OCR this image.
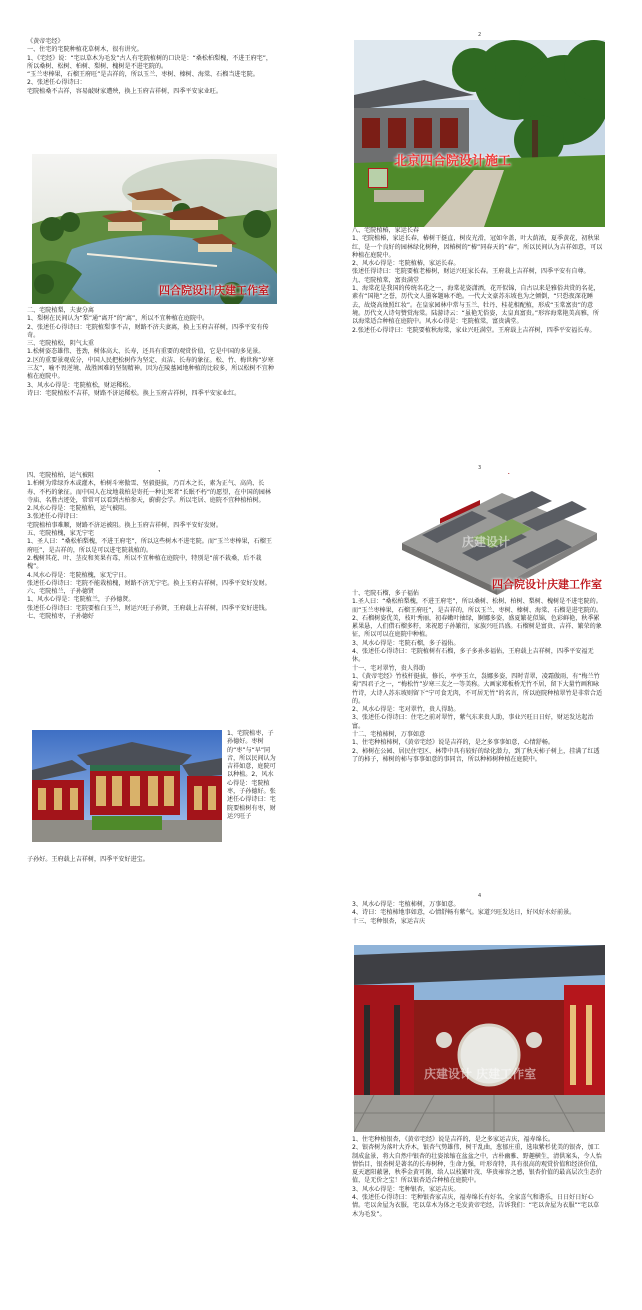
《黄帝宅经》

一、住宅的宅院种植花草树木，很有讲究。

1、《宅经》说：“宅以草木为毛发”古人有宅院植树的口诀是：“桑松柏梨槐，不进王府宅”，所以桑树、松树、柏树、梨树、槐树是不进宅院的。

“玉兰枣棒果，石榴王府旺”是吉祥的，所以玉兰、枣树、榛树、海棠、石榴当进宅院。

2、张述任心得诗曰：

宅院植桑不吉祥，容易敲财家遭殃，换上玉府吉祥树，四季平安家业旺。

四合院设计庆建工作室

二、宅院植梨，夫妻分离

1、梨树在民间认为“梨”通“离开”的“离”，所以不宜种植在庭院中。

2、张述任心得诗曰：宅院植梨事不吉，财路不济夫妻离，换上玉府吉祥树，四季平安有传奇。

三、宅院植松，阴气太重

1.松树姿态雄伟、苍劲，树体高大、长寿，还具有重要的观赏价值，它是中国的多见景。

2.区的重要景观成分，中国人民把松树作为坚定、贞洁、长寿的象征。松、竹、梅世称“岁寒三友”，喻不畏逆境、战胜困难的坚韧精神。因为在陵墓园地种植的比较多，所以松树不宜种植在庭院中。

3、风水心得是：宅院植松，财运稀松。

诗曰：宅院植松不吉祥，财路不济运稀松。换上玉府吉祥树，四季平安家业红。

四、宅院植柏，运气被阻

1.柏树为常绿乔木或灌木，柏树斗寒傲雪、坚毅挺拔，乃百木之长，素为正气、高尚、长寿、不朽的象征。而中国人在坟地栽柏是寄托一种让死者“长眠不朽”的愿望，在中国的园林寺庙、名胜古迹处，常常可以看到古柏参天，蔚蔚会学。所以宅居、庭院不宜种植柏树。

2.风水心得是：宅院植柏，运气被阻。

3.张述任心得诗曰：

宅院植柏事难顺，财路不济运被阻。换上玉府吉祥树，四季平安好发财。

五、宅院植槐，家无宁宅

1、圣人曰：“桑松柏梨槐，不进王府宅”，所以这些树木不进宅院。而“玉兰枣棒果，石榴王府旺”，是吉祥的，所以是可以进宅院栽植的。

2.槐树其花、叶、茎皮和荚果有毒，所以不宜种植在庭院中，特别是“前不栽桑，后不栽槐”。

4.风水心得是：宅院植槐，家无宁日。

张述任心得诗曰：宅院不能栽植槐，财路不济无宁宅。换上玉府吉祥树，四季平安好发财。

六、宅院植兰，子孙德贤

1、风水心得是：宅院植兰，子孙德贤。

张述任心得诗曰：宅院要植白玉兰，财运兴旺子孙贤，王府载上吉祥树，四季平安好进钱。

七、宅院植枣，子孙德好

1、宅院植枣，子孙德好。枣树的“枣”与“早”同音，所以民间认为吉祥如意，庭院可以种植。2、风水心得是：宅院植枣，子孙德好。张述任心得诗曰：宅院要植树有枣，财运兴旺子

子孙好。王府载上吉祥树，四季平安好进宝。

2
北京四合院设计施工

八、宅院植椿，家运长春

1、宅院植椿，家运长春，椿树干挺直，树皮光滑，冠如伞盖，叶大荫浓，夏季黄花，初秋果红，是一个良好的园林绿化树种，因椿树的“椿”同春天的“春”，所以民间认为吉祥如意，可以种植在庭院中。

2、风水心得是：宅院植椿，家运长春。

张述任得诗曰：宅院要植老椿树，财运兴旺家长春。王府栽上吉祥树，四季平安有自尊。

九、宅院植棠，富贵满堂

1、海棠花是我国的传统名花之一，海棠花姿潇洒，花开似锦，自古以来是雅俗共赏的名花，素有“国艳”之誉，历代文人墨客题咏不绝。一代大文豪苏东坡也为之倾倒，“只恐夜深花睡去，故烧高烛照红妆”。在皇家园林中常与玉兰、牡丹、桂花相配植，形成“玉棠富贵”的意境。历代文人诗句赞赏海棠。陆游诗云：“虽艳无俗姿，太皇真富贵。”形容海棠艳美高雅，所以海棠适合种植在庭院中。风水心得是：宅院植棠，富贵满堂。

2.张述任心得诗曰：宅院要植秋海棠，家业兴旺满堂。王府载上吉祥树，四季平安福长寿。

3
庆建设计
四合院设计庆建工作室

十、宅院石榴，多子福佑

1.圣人曰：“桑松柏梨槐，不进王府宅”，所以桑树、松树、柏树、梨树、槐树是不进宅院的。而“玉兰枣棒果，石榴王府旺”，是吉祥的，所以玉兰、枣树、榛树、海棠、石榴是进宅院的。

2、石榴树姿优美，枝叶秀丽，初春嫩叶抽绿，婀娜多姿，盛夏繁花似锦，色彩鲜艳，秋季累累果悬，人们借石榴多籽，来祝愿子孙繁衍，家族兴旺昌盛。石榴树是富贵、吉祥、繁荣的象征，所以可以在庭院中种植。

3、风水心得是：宅院石榴，多子福佑。

4、张述任心得诗曰：宅院植树有石榴，多子多孙多福佑，王府载上吉祥树，四季平安福无休。

十一、宅对翠竹，贵人得助

1、《黄帝宅经》竹枝杆挺拔，修长，亭亭玉立，袅娜多姿，四时青翠，凌霜傲雨，有“梅兰竹菊”四君子之一，“梅松竹”岁寒三友之一等美称。大画家郑板桥无竹不居，留下大量竹画和咏竹诗，大诗人苏东坡则留下“宁可食无肉，不可居无竹”的名言，所以庭院种植翠竹是非常合适的。

2、风水心得是：宅对翠竹，贵人得助。

3、张述任心得诗曰：住宅之前对翠竹，紫气东来贵人助，事业兴旺日日好，财运发达起治富。

十二、宅植柿树，万事如意

1、住宅种植柿树，《黄帝宅经》说是吉祥的，是之多事事如意，心情舒畅。

2、柿树在公园、居民住宅区、林带中具有较好的绿化潜力，到了秋天柿子树上，挂满了红透了的柿子，柿树的柿与事事如意的事同音，所以种柿树种植在庭院中。

4

3、风水心得是：宅植柿树，万事如意。

4、诗曰：宅植柿地事如意，心情舒畅有紫气。家道兴旺发达日，好风好水好前景。

十三、宅种银杏，家运吉庆

庆建设计 庆建工作室

1、住宅种植银杏，《黄帝宅经》说是吉祥的，是之多家运吉庆，福寿绵长。

2、银杏树为落叶大乔木，银杏气势雄伟，树干乱曲，葱郁庄重，选取紫杉优美的银杏，加工制成盆景，将大自然中银杏的壮姿浓缩在盆盆之中，古朴幽雅、野趣横生，清供案头，令人怡情怡目，银杏树是著名的长寿树种，生命力强，叶形奇特，具有很高的观赏价值和经济价值，夏天遮阳蔽暑，秋季金黄可掬，给人以枝繁叶茂、华贵雍容之感，银杏价值的最高层次生态价值，是无价之宝！所以银杏适合种植在庭院中。

3、风水心得是：宅种银杏，家运吉庆。

4、张述任心得诗曰：宅种银杏家吉庆，福寿绵长有好名，全家喜气和谐乐，日日好日好心情。宅以舍屋为衣服，宅以草木为体之毛发黄帝宅经，告诉我们：“宅以舍屋为衣服”“宅以草木为毛发”。
